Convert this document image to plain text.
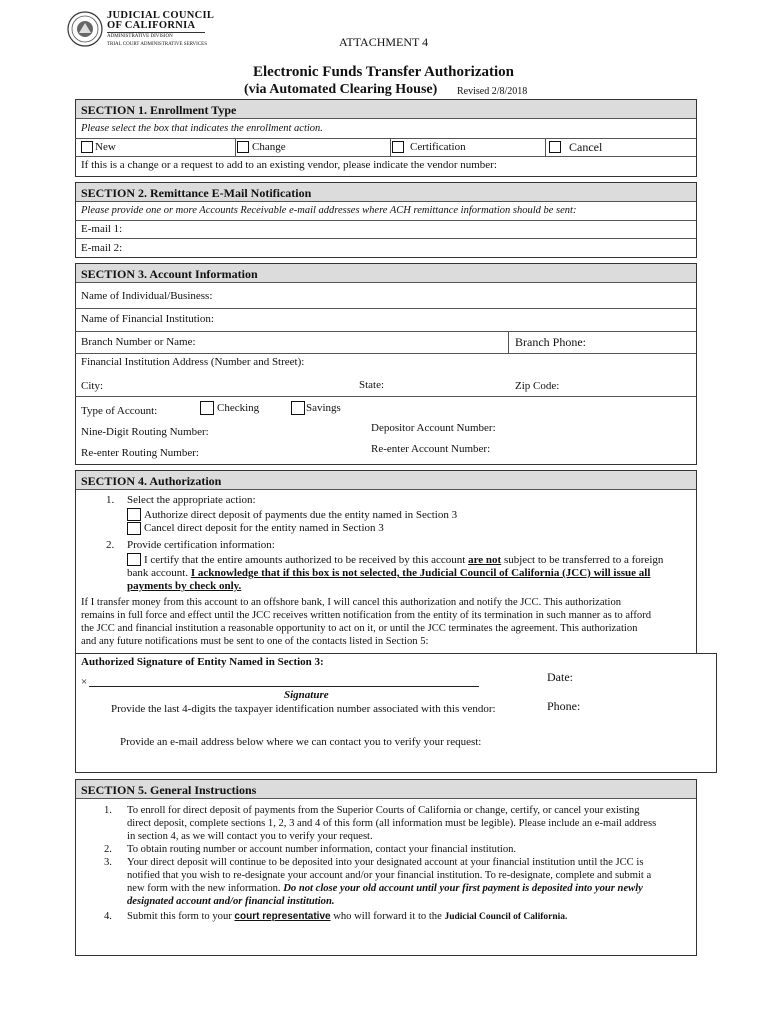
JUDICIAL COUNCIL
OF CALIFORNIA
ADMINISTRATIVE DIVISION
TRIAL COURT ADMINISTRATIVE SERVICES	ATTACHMENT 4
Electronic Funds Transfer Authorization
(via Automated Clearing House) Revised 2/8/2018
SECTION 1. Enrollment Type
Please select the box that indicates the enrollment action.
New	Change	Certification	Cancel
If this is a change or a request to add to an existing vendor, please indicate the vendor number:
SECTION 2. Remittance E-Mail Notification
Please provide one or more Accounts Receivable e-mail addresses where ACH remittance information should be sent:
E-mail 1:
E-mail 2:
SECTION 3. Account Information
Name of Individual/Business:
Name of Financial Institution:
Branch Number or Name:	Branch Phone:
Financial Institution Address (Number and Street):
City:	State:	Zip Code:
Type of Account:	Checking	Savings
Nine-Digit Routing Number:	Depositor Account Number:
Re-enter Routing Number:	Re-enter Account Number:
SECTION 4. Authorization
1. Select the appropriate action:
Authorize direct deposit of payments due the entity named in Section 3
Cancel direct deposit for the entity named in Section 3
2. Provide certification information:
I certify that the entire amounts authorized to be received by this account are not subject to be transferred to a foreign
bank account. I acknowledge that if this box is not selected, the Judicial Council of California (JCC) will issue all
payments by check only.
If I transfer money from this account to an offshore bank, I will cancel this authorization and notify the JCC. This authorization
remains in full force and effect until the JCC receives written notification from the entity of its termination in such manner as to afford
the JCC and financial institution a reasonable opportunity to act on it, or until the JCC terminates the agreement. This authorization
and any future notifications must be sent to one of the contacts listed in Section 5:
Authorized Signature of Entity Named in Section 3:
×
Signature
Date:
Phone:
Provide the last 4-digits the taxpayer identification number associated with this vendor:
Provide an e-mail address below where we can contact you to verify your request:
SECTION 5. General Instructions
1. To enroll for direct deposit of payments from the Superior Courts of California or change, certify, or cancel your existing
direct deposit, complete sections 1, 2, 3 and 4 of this form (all information must be legible). Please include an e-mail address
in section 4, as we will contact you to verify your request.
2. To obtain routing number or account number information, contact your financial institution.
3. Your direct deposit will continue to be deposited into your designated account at your financial institution until the JCC is
notified that you wish to re-designate your account and/or your financial institution. To re-designate, complete and submit a
new form with the new information. Do not close your old account until your first payment is deposited into your newly
designated account and/or financial institution.
4. Submit this form to your court representative who will forward it to the Judicial Council of California.
